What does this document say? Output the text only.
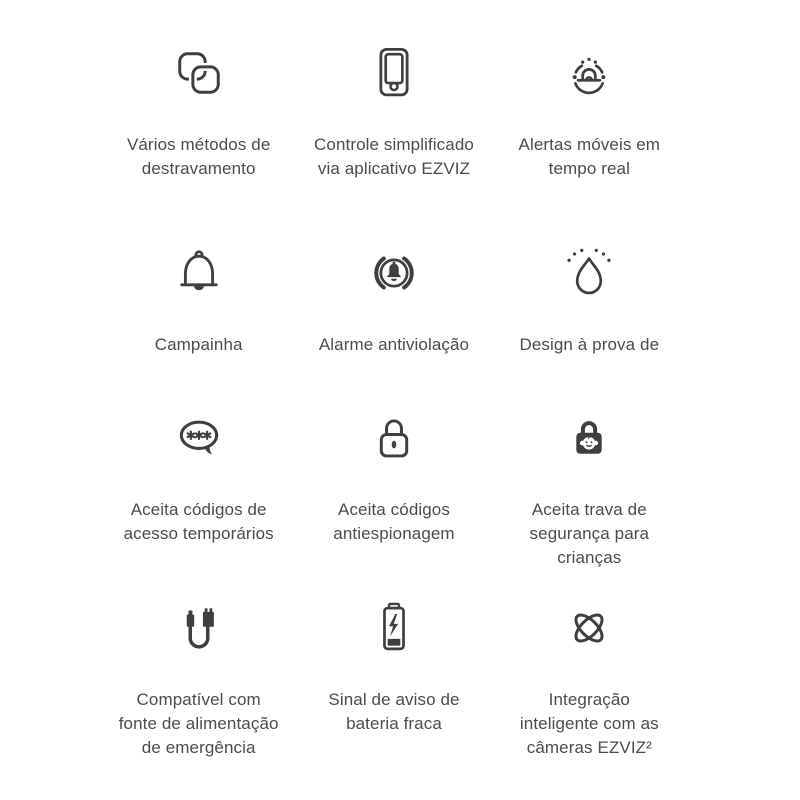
Vários métodos de
destravamento
Controle simplificado
via aplicativo EZVIZ
Alertas móveis em
tempo real
Campainha	Alarme antiviolação	Design à prova de
Aceita códigos de
acesso temporários
Aceita códigos
antiespionagem
Aceita trava de
segurança para
crianças
Compatível com
fonte de alimentação
de emergência
Sinal de aviso de
bateria fraca
Integração
inteligente com as
câmeras EZVIZ²
